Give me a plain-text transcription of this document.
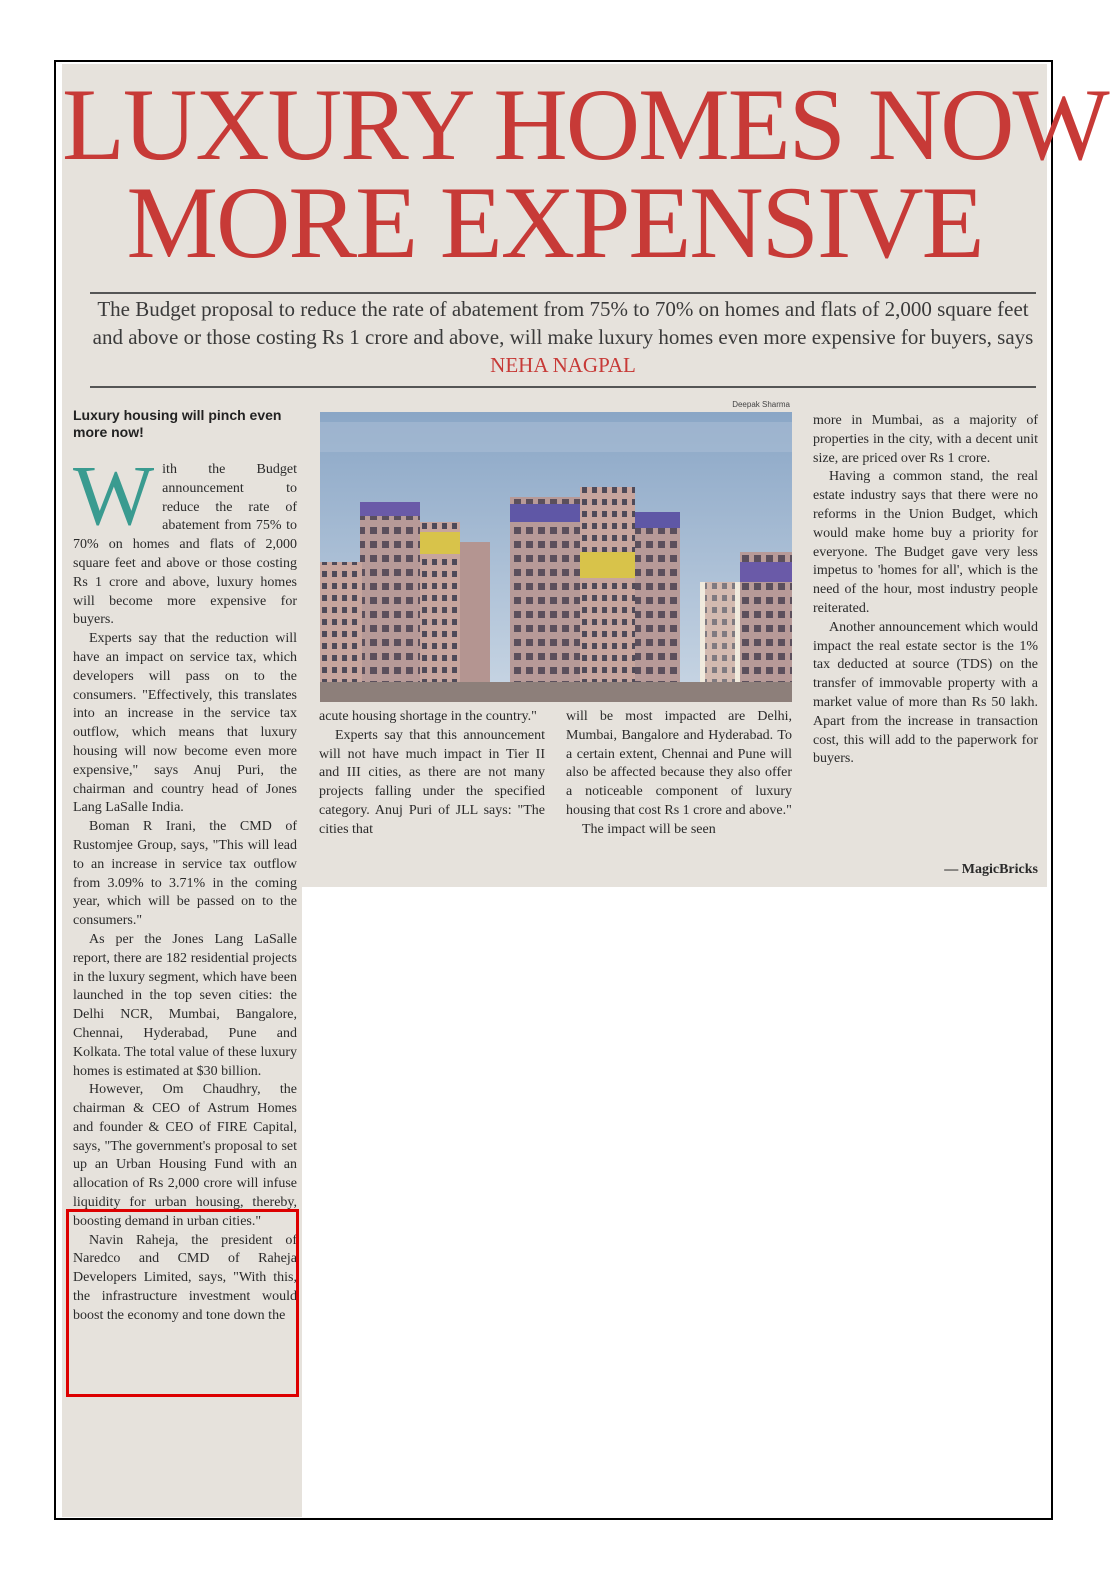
LUXURY HOMES NOW
MORE EXPENSIVE
The Budget proposal to reduce the rate of abatement from 75% to 70% on homes and flats of 2,000 square feet and above or those costing Rs 1 crore and above, will make luxury homes even more expensive for buyers, says NEHA NAGPAL
Deepak Sharma
Luxury housing will pinch even more now!

With the Budget announcement to reduce the rate of abatement from 75% to 70% on homes and flats of 2,000 square feet and above or those costing Rs 1 crore and above, luxury homes will become more expensive for buyers.

Experts say that the reduction will have an impact on service tax, which developers will pass on to the consumers. "Effectively, this translates into an increase in the service tax outflow, which means that luxury housing will now become even more expensive," says Anuj Puri, the chairman and country head of Jones Lang LaSalle India.

Boman R Irani, the CMD of Rustomjee Group, says, "This will lead to an increase in service tax outflow from 3.09% to 3.71% in the coming year, which will be passed on to the consumers."

As per the Jones Lang LaSalle report, there are 182 residential projects in the luxury segment, which have been launched in the top seven cities: the Delhi NCR, Mumbai, Bangalore, Chennai, Hyderabad, Pune and Kolkata. The total value of these luxury homes is estimated at $30 billion.

However, Om Chaudhry, the chairman & CEO of Astrum Homes and founder & CEO of FIRE Capital, says, "The government's proposal to set up an Urban Housing Fund with an allocation of Rs 2,000 crore will infuse liquidity for urban housing, thereby, boosting demand in urban cities."

Navin Raheja, the president of Naredco and CMD of Raheja Developers Limited, says, "With this, the infrastructure investment would boost the economy and tone down the

acute housing shortage in the country."

Experts say that this announcement will not have much impact in Tier II and III cities, as there are not many projects falling under the specified category. Anuj Puri of JLL says: "The cities that

will be most impacted are Delhi, Mumbai, Bangalore and Hyderabad. To a certain extent, Chennai and Pune will also be affected because they also offer a noticeable component of luxury housing that cost Rs 1 crore and above."

The impact will be seen

more in Mumbai, as a majority of properties in the city, with a decent unit size, are priced over Rs 1 crore.

Having a common stand, the real estate industry says that there were no reforms in the Union Budget, which would make home buy a priority for everyone. The Budget gave very less impetus to 'homes for all', which is the need of the hour, most industry people reiterated.

Another announcement which would impact the real estate sector is the 1% tax deducted at source (TDS) on the transfer of immovable property with a market value of more than Rs 50 lakh. Apart from the increase in transaction cost, this will add to the paperwork for buyers.

— MagicBricks
